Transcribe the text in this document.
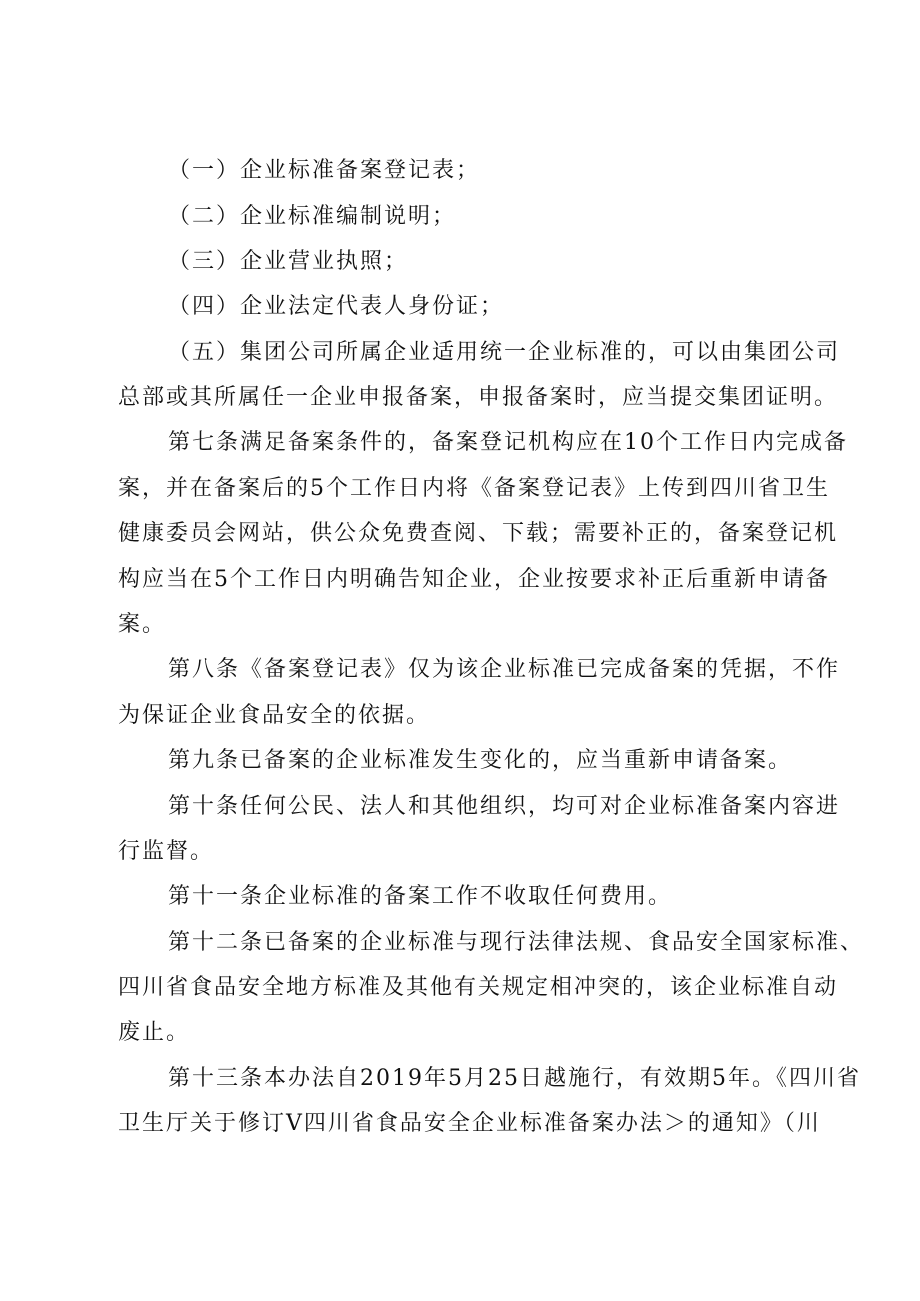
（一）企业标准备案登记表；
（二）企业标准编制说明；
（三）企业营业执照；
（四）企业法定代表人身份证；
（五）集团公司所属企业适用统一企业标准的，可以由集团公司
总部或其所属任一企业申报备案，申报备案时，应当提交集团证明。
第七条满足备案条件的，备案登记机构应在10个工作日内完成备
案，并在备案后的5个工作日内将《备案登记表》上传到四川省卫生
健康委员会网站，供公众免费查阅、下载；需要补正的，备案登记机
构应当在5个工作日内明确告知企业，企业按要求补正后重新申请备
案。
第八条《备案登记表》仅为该企业标准已完成备案的凭据，不作
为保证企业食品安全的依据。
第九条已备案的企业标准发生变化的，应当重新申请备案。
第十条任何公民、法人和其他组织，均可对企业标准备案内容进
行监督。
第十一条企业标准的备案工作不收取任何费用。
第十二条已备案的企业标准与现行法律法规、食品安全国家标准、
四川省食品安全地方标准及其他有关规定相冲突的，该企业标准自动
废止。
第十三条本办法自2019年5月25日越施行，有效期5年。《四川省
卫生厅关于修订V四川省食品安全企业标准备案办法＞的通知》（川
